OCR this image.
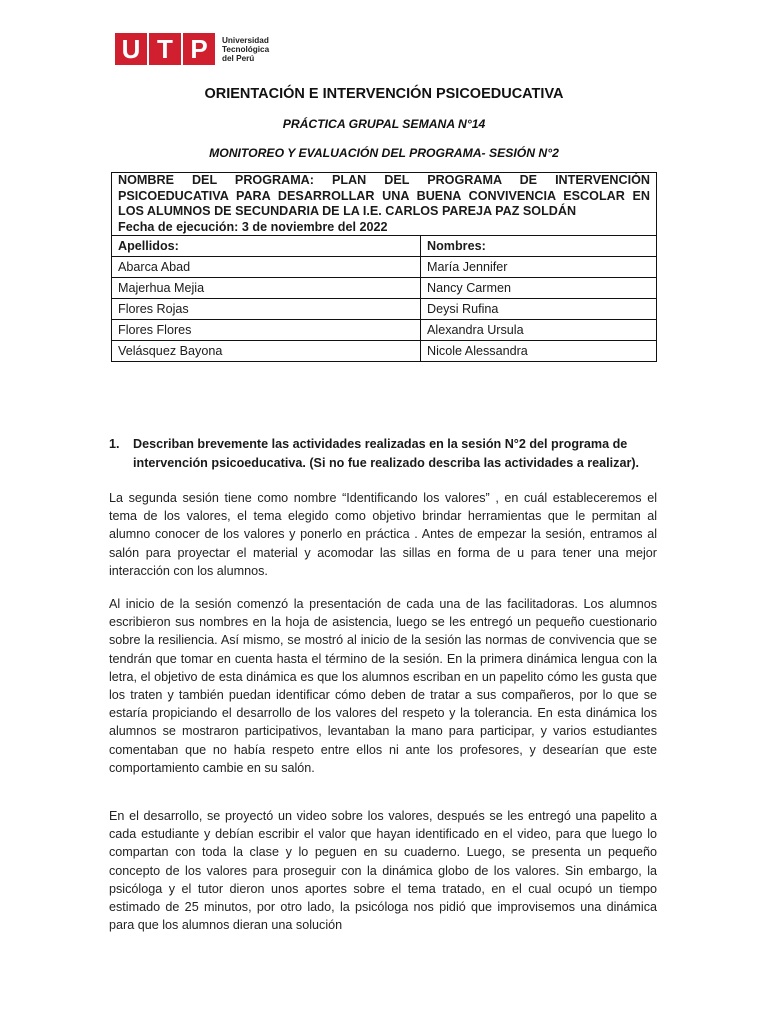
U T P	Universidad
Tecnológica
del Perú
ORIENTACIÓN E INTERVENCIÓN PSICOEDUCATIVA
PRÁCTICA GRUPAL SEMANA N°14
MONITOREO Y EVALUACIÓN DEL PROGRAMA- SESIÓN N°2
NOMBRE DEL PROGRAMA: PLAN DEL PROGRAMA DE INTERVENCIÓN PSICOEDUCATIVA PARA DESARROLLAR UNA BUENA CONVIVENCIA ESCOLAR EN LOS ALUMNOS DE SECUNDARIA DE LA I.E. CARLOS PAREJA PAZ SOLDÁN
Fecha de ejecución: 3 de noviembre del 2022	

Apellidos:	Nombres:
Abarca Abad	María Jennifer
Majerhua Mejia	Nancy Carmen
Flores Rojas	Deysi Rufina
Flores Flores	Alexandra Ursula
Velásquez Bayona	Nicole Alessandra
1.	Describan brevemente las actividades realizadas en la sesión N°2 del programa de intervención psicoeducativa. (Si no fue realizado describa las actividades a realizar).
La segunda sesión tiene como nombre “Identificando los valores” , en cuál estableceremos el tema de los valores, el tema elegido como objetivo brindar herramientas que le permitan al alumno conocer de los valores y ponerlo en práctica . Antes de empezar la sesión, entramos al salón para proyectar el material y acomodar las sillas en forma de u para tener una mejor interacción con los alumnos.
Al inicio de la sesión comenzó la presentación de cada una de las facilitadoras. Los alumnos escribieron sus nombres en la hoja de asistencia, luego se les entregó un pequeño cuestionario sobre la resiliencia. Así mismo, se mostró al inicio de la sesión las normas de convivencia que se tendrán que tomar en cuenta hasta el término de la sesión. En la primera dinámica lengua con la letra, el objetivo de esta dinámica es que los alumnos escriban en un papelito cómo les gusta que los traten y también puedan identificar cómo deben de tratar a sus compañeros, por lo que se estaría propiciando el desarrollo de los valores del respeto y la tolerancia. En esta dinámica los alumnos se mostraron participativos, levantaban la mano para participar, y varios estudiantes comentaban que no había respeto entre ellos ni ante los profesores, y desearían que este comportamiento cambie en su salón.
En el desarrollo, se proyectó un video sobre los valores, después se les entregó una papelito a cada estudiante y debían escribir el valor que hayan identificado en el video, para que luego lo compartan con toda la clase y lo peguen en su cuaderno. Luego, se presenta un pequeño concepto de los valores para proseguir con la dinámica globo de los valores. Sin embargo, la psicóloga y el tutor dieron unos aportes sobre el tema tratado, en el cual ocupó un tiempo estimado de 25 minutos, por otro lado, la psicóloga nos pidió que improvisemos una dinámica para que los alumnos dieran una solución
